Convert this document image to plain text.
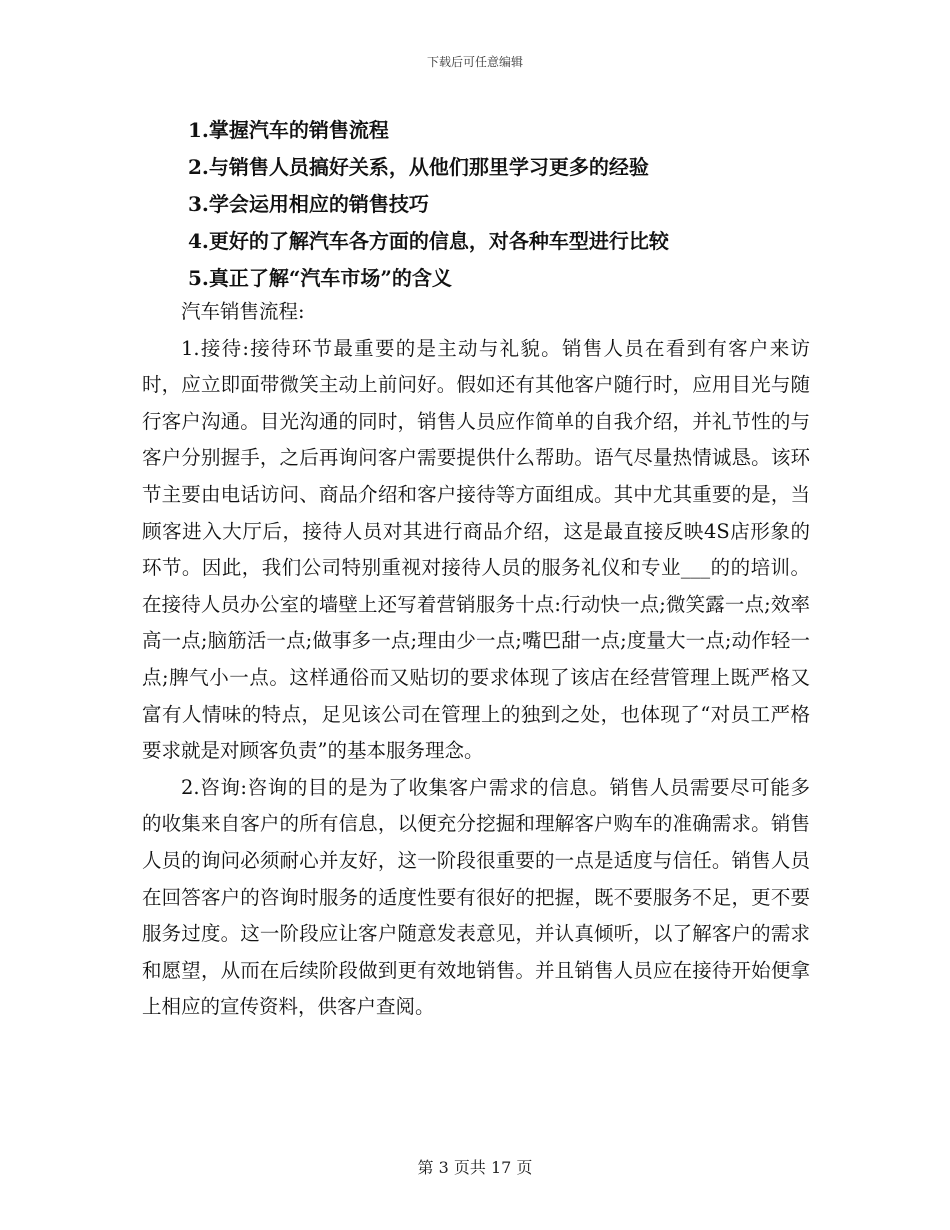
下载后可任意编辑
1.掌握汽车的销售流程
2.与销售人员搞好关系，从他们那里学习更多的经验
3.学会运用相应的销售技巧
4.更好的了解汽车各方面的信息，对各种车型进行比较
5.真正了解“汽车市场”的含义

汽车销售流程:

1.接待:接待环节最重要的是主动与礼貌。销售人员在看到有客户来访时，应立即面带微笑主动上前问好。假如还有其他客户随行时，应用目光与随行客户沟通。目光沟通的同时，销售人员应作简单的自我介绍，并礼节性的与客户分别握手，之后再询问客户需要提供什么帮助。语气尽量热情诚恳。该环节主要由电话访问、商品介绍和客户接待等方面组成。其中尤其重要的是，当顾客进入大厅后，接待人员对其进行商品介绍，这是最直接反映4S店形象的环节。因此，我们公司特别重视对接待人员的服务礼仪和专业___的的培训。在接待人员办公室的墙壁上还写着营销服务十点:行动快一点;微笑露一点;效率高一点;脑筋活一点;做事多一点;理由少一点;嘴巴甜一点;度量大一点;动作轻一点;脾气小一点。这样通俗而又贴切的要求体现了该店在经营管理上既严格又富有人情味的特点，足见该公司在管理上的独到之处，也体现了“对员工严格要求就是对顾客负责”的基本服务理念。

2.咨询:咨询的目的是为了收集客户需求的信息。销售人员需要尽可能多的收集来自客户的所有信息，以便充分挖掘和理解客户购车的准确需求。销售人员的询问必须耐心并友好，这一阶段很重要的一点是适度与信任。销售人员在回答客户的咨询时服务的适度性要有很好的把握，既不要服务不足，更不要服务过度。这一阶段应让客户随意发表意见，并认真倾听，以了解客户的需求和愿望，从而在后续阶段做到更有效地销售。并且销售人员应在接待开始便拿上相应的宣传资料，供客户查阅。

第 3 页共 17 页
